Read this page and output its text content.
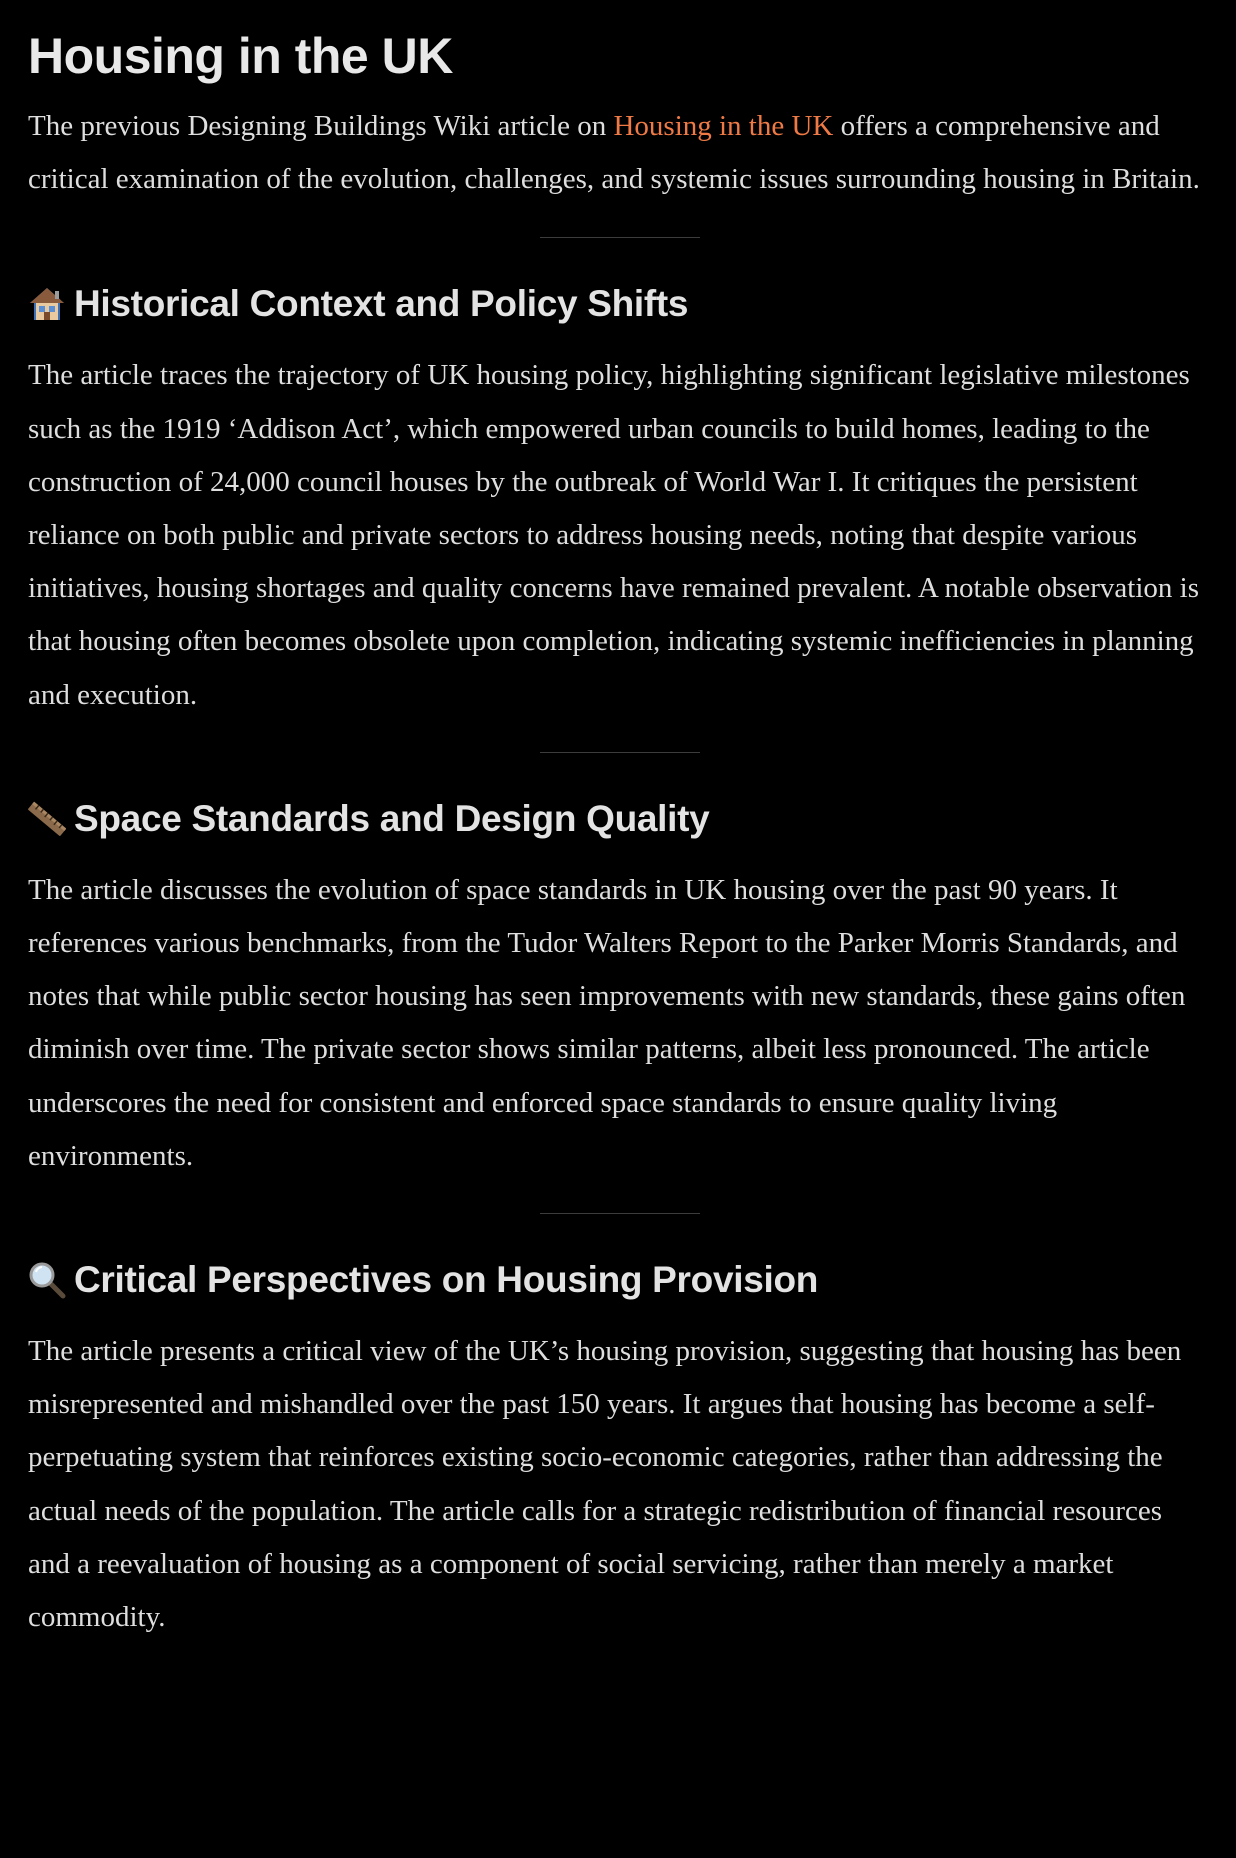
Housing in the UK

The previous Designing Buildings Wiki article on Housing in the UK offers a comprehensive and critical examination of the evolution, challenges, and systemic issues surrounding housing in Britain.

Historical Context and Policy Shifts

The article traces the trajectory of UK housing policy, highlighting significant legislative milestones such as the 1919 ‘Addison Act’, which empowered urban councils to build homes, leading to the construction of 24,000 council houses by the outbreak of World War I. It critiques the persistent reliance on both public and private sectors to address housing needs, noting that despite various initiatives, housing shortages and quality concerns have remained prevalent. A notable observation is that housing often becomes obsolete upon completion, indicating systemic inefficiencies in planning and execution.

Space Standards and Design Quality

The article discusses the evolution of space standards in UK housing over the past 90 years. It references various benchmarks, from the Tudor Walters Report to the Parker Morris Standards, and notes that while public sector housing has seen improvements with new standards, these gains often diminish over time. The private sector shows similar patterns, albeit less pronounced. The article underscores the need for consistent and enforced space standards to ensure quality living environments.

Critical Perspectives on Housing Provision

The article presents a critical view of the UK’s housing provision, suggesting that housing has been misrepresented and mishandled over the past 150 years. It argues that housing has become a self-perpetuating system that reinforces existing socio-economic categories, rather than addressing the actual needs of the population. The article calls for a strategic redistribution of financial resources and a reevaluation of housing as a component of social servicing, rather than merely a market commodity.
